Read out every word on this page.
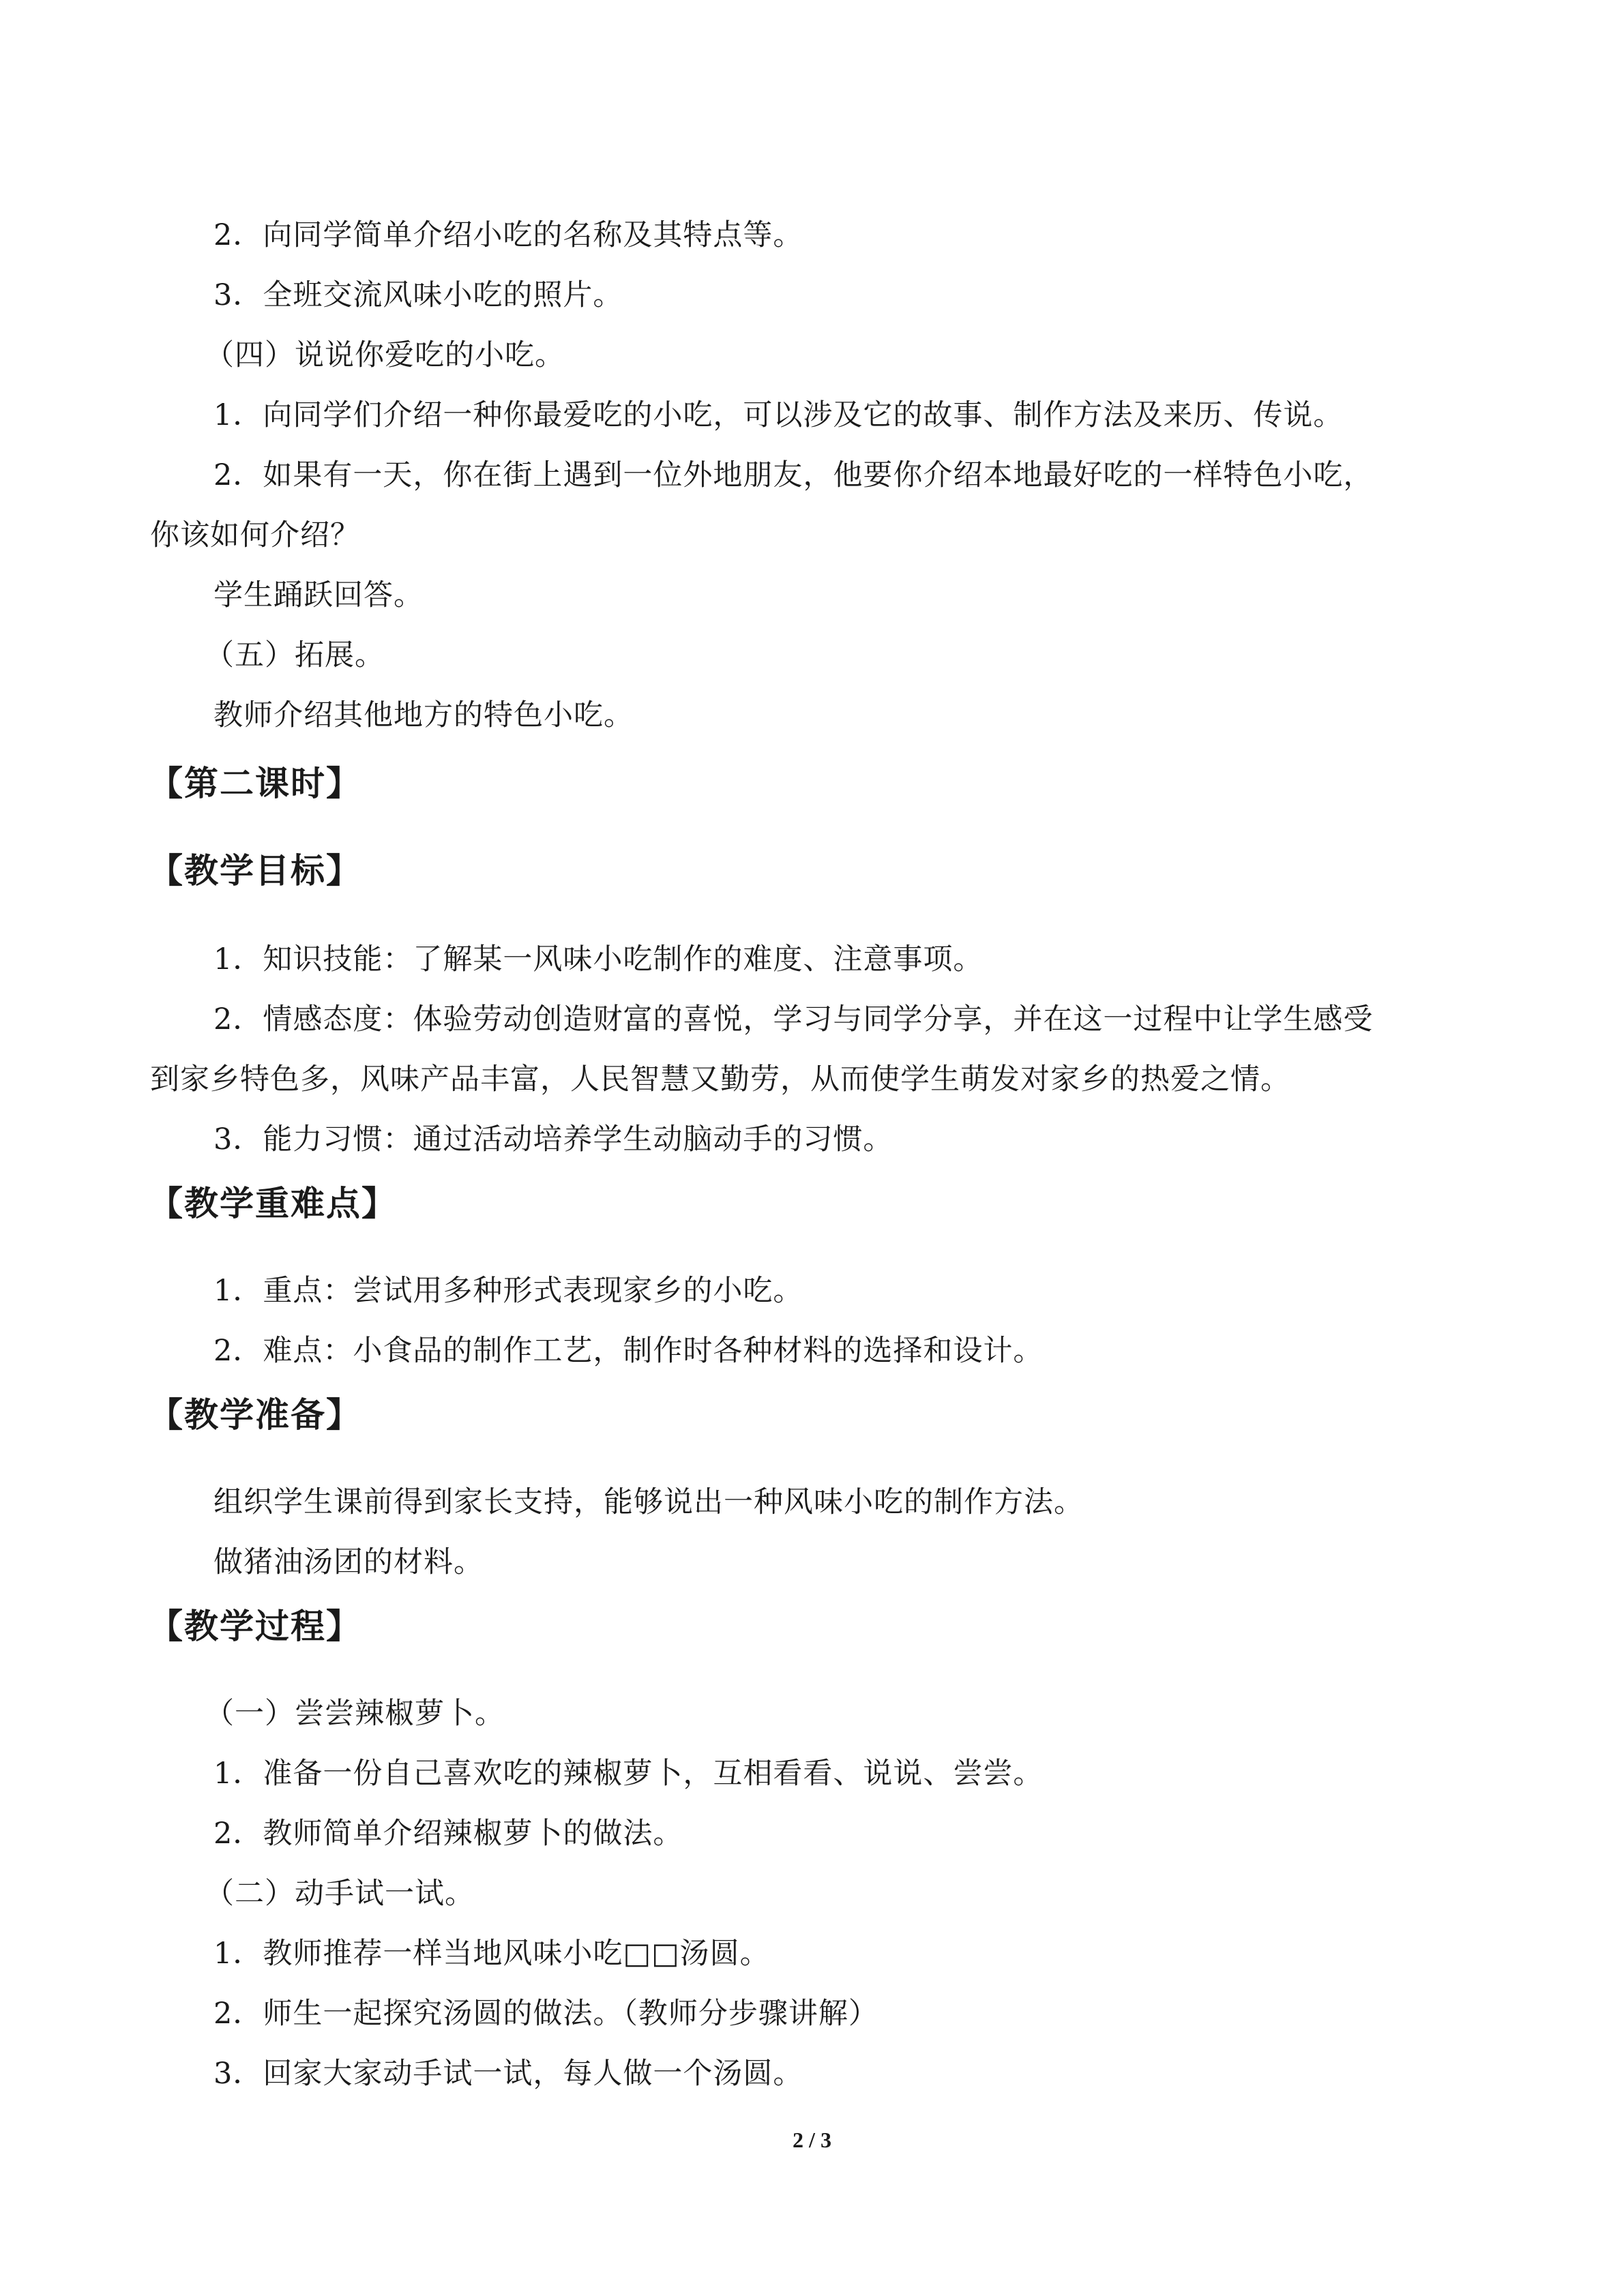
2．向同学简单介绍小吃的名称及其特点等。
3．全班交流风味小吃的照片。
（四）说说你爱吃的小吃。
1．向同学们介绍一种你最爱吃的小吃，可以涉及它的故事、制作方法及来历、传说。
2．如果有一天，你在街上遇到一位外地朋友，他要你介绍本地最好吃的一样特色小吃，
你该如何介绍？
学生踊跃回答。
（五）拓展。
教师介绍其他地方的特色小吃。
【第二课时】
【教学目标】
1．知识技能：了解某一风味小吃制作的难度、注意事项。
2．情感态度：体验劳动创造财富的喜悦，学习与同学分享，并在这一过程中让学生感受
到家乡特色多，风味产品丰富，人民智慧又勤劳，从而使学生萌发对家乡的热爱之情。
3．能力习惯：通过活动培养学生动脑动手的习惯。
【教学重难点】
1．重点：尝试用多种形式表现家乡的小吃。
2．难点：小食品的制作工艺，制作时各种材料的选择和设计。
【教学准备】
组织学生课前得到家长支持，能够说出一种风味小吃的制作方法。
做猪油汤团的材料。
【教学过程】
（一）尝尝辣椒萝卜。
1．准备一份自己喜欢吃的辣椒萝卜，互相看看、说说、尝尝。
2．教师简单介绍辣椒萝卜的做法。
（二）动手试一试。
1．教师推荐一样当地风味小吃□□汤圆。
2．师生一起探究汤圆的做法。（教师分步骤讲解）
3．回家大家动手试一试，每人做一个汤圆。
2 / 3
